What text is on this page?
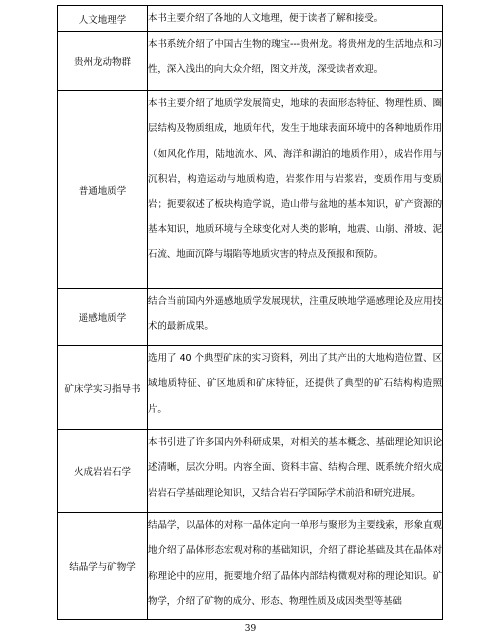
人文地理学	本书主要介绍了各地的人文地理，便于读者了解和接受。
贵州龙动物群	本书系统介绍了中国古生物的瑰宝---贵州龙。将贵州龙的生活地点和习性，深入浅出的向大众介绍，图文并茂，深受读者欢迎。
普通地质学	本书主要介绍了地质学发展简史，地球的表面形态特征、物理性质、圈层结构及物质组成，地质年代，发生于地球表面环境中的各种地质作用（如风化作用，陆地流水、风、海洋和湖泊的地质作用），成岩作用与沉积岩，构造运动与地质构造，岩浆作用与岩浆岩，变质作用与变质岩；扼要叙述了板块构造学说，造山带与盆地的基本知识，矿产资源的基本知识，地质环境与全球变化对人类的影响，地震、山崩、滑坡、泥石流、地面沉降与塌陷等地质灾害的特点及预报和预防。
遥感地质学	结合当前国内外遥感地质学发展现状，注重反映地学遥感理论及应用技术的最新成果。
矿床学实习指导书	选用了 40 个典型矿床的实习资料，列出了其产出的大地构造位置、区域地质特征、矿区地质和矿床特征，还提供了典型的矿石结构构造照片。
火成岩岩石学	本书引进了许多国内外科研成果，对相关的基本概念、基础理论知识论述清晰，层次分明。内容全面、资料丰富、结构合理、既系统介绍火成岩岩石学基础理论知识，又结合岩石学国际学术前沿和研究进展。
结晶学与矿物学	结晶学，以晶体的对称一晶体定向一单形与聚形为主要线索，形象直观地介绍了晶体形态宏观对称的基础知识，介绍了群论基础及其在晶体对称理论中的应用，扼要地介绍了晶体内部结构微观对称的理论知识。矿物学，介绍了矿物的成分、形态、物理性质及成因类型等基础
39
